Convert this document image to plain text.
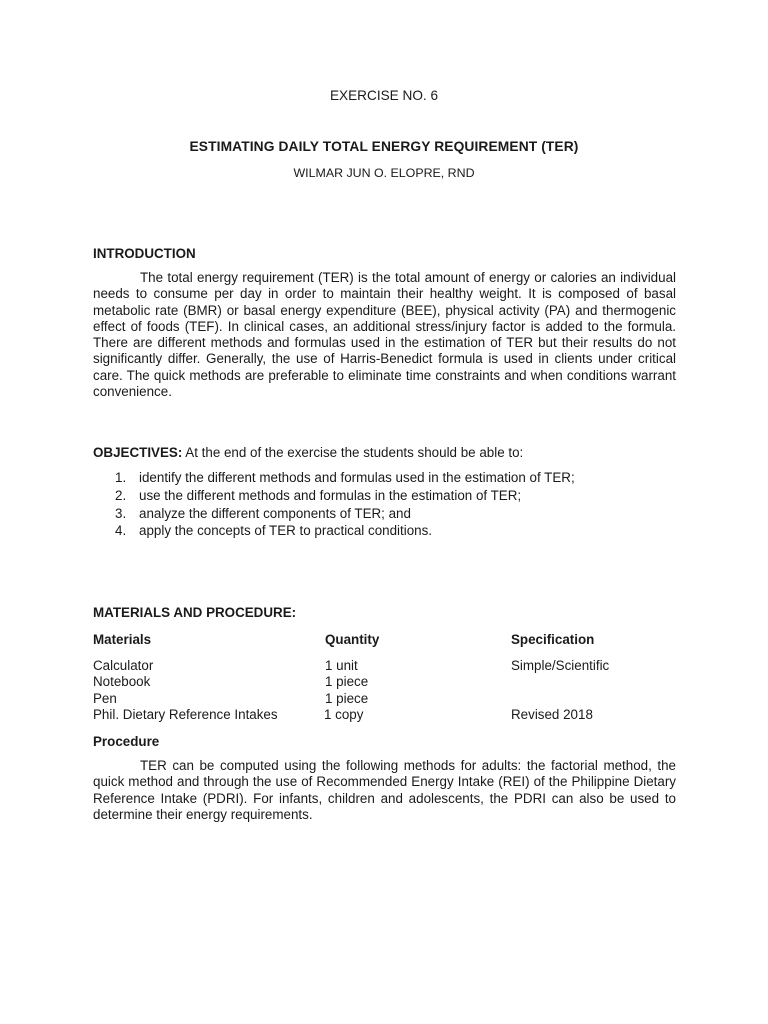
EXERCISE NO. 6

ESTIMATING DAILY TOTAL ENERGY REQUIREMENT (TER)

WILMAR JUN O. ELOPRE, RND

INTRODUCTION

The total energy requirement (TER) is the total amount of energy or calories an individual needs to consume per day in order to maintain their healthy weight. It is composed of basal metabolic rate (BMR) or basal energy expenditure (BEE), physical activity (PA) and thermogenic effect of foods (TEF). In clinical cases, an additional stress/injury factor is added to the formula. There are different methods and formulas used in the estimation of TER but their results do not significantly differ. Generally, the use of Harris-Benedict formula is used in clients under critical care. The quick methods are preferable to eliminate time constraints and when conditions warrant convenience.

OBJECTIVES: At the end of the exercise the students should be able to:

1. identify the different methods and formulas used in the estimation of TER;
2. use the different methods and formulas in the estimation of TER;
3. analyze the different components of TER; and
4. apply the concepts of TER to practical conditions.

MATERIALS AND PROCEDURE:

Materials	Quantity	Specification
Calculator	1 unit	Simple/Scientific
Notebook	1 piece
Pen	1 piece
Phil. Dietary Reference Intakes	1 copy	Revised 2018

Procedure

TER can be computed using the following methods for adults: the factorial method, the quick method and through the use of Recommended Energy Intake (REI) of the Philippine Dietary Reference Intake (PDRI). For infants, children and adolescents, the PDRI can also be used to determine their energy requirements.
